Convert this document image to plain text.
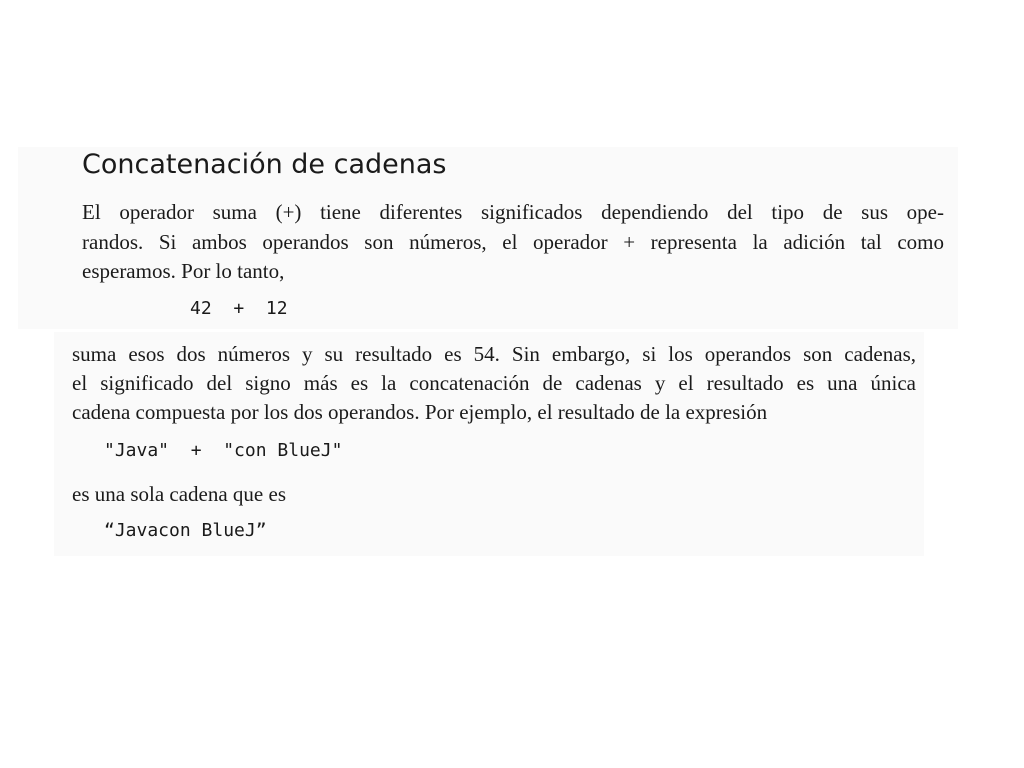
Concatenación de cadenas

El operador suma (+) tiene diferentes significados dependiendo del tipo de sus ope-

randos. Si ambos operandos son números, el operador + representa la adición tal como

esperamos. Por lo tanto,

42  +  12

suma esos dos números y su resultado es 54. Sin embargo, si los operandos son cadenas,

el significado del signo más es la concatenación de cadenas y el resultado es una única

cadena compuesta por los dos operandos. Por ejemplo, el resultado de la expresión

"Java"  +  "con BlueJ"

es una sola cadena que es

“Javacon BlueJ”
